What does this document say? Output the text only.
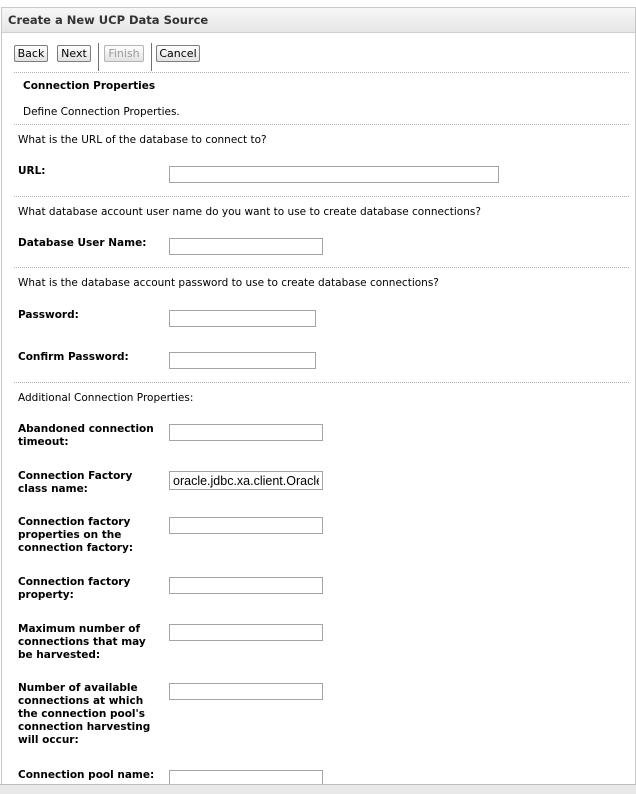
Create a New UCP Data Source
Back	Next	Finish	Cancel
Connection Properties
Define Connection Properties.
What is the URL of the database to connect to?
URL:
What database account user name do you want to use to create database connections?
Database User Name:
What is the database account password to use to create database connections?
Password:
Confirm Password:
Additional Connection Properties:
Abandoned connection timeout:
Connection Factory class name:
oracle.jdbc.xa.client.OracleXADataSource
Connection factory properties on the connection factory:
Connection factory property:
Maximum number of connections that may be harvested:
Number of available connections at which the connection pool's connection harvesting will occur:
Connection pool name:
